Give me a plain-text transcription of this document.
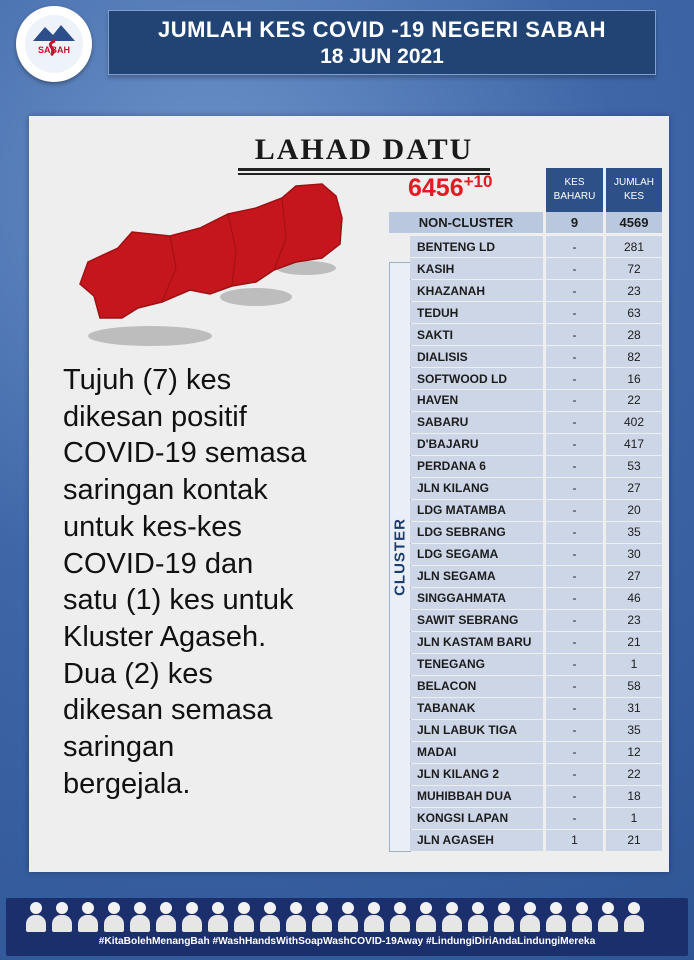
SABAH
JUMLAH KES COVID -19 NEGERI SABAH
18 JUN 2021
LAHAD DATU
$6456^{+10}$	KES BAHARU
JUMLAH KES
CLUSTER
NON-CLUSTER	9	4569
BENTENG LD	-	281
KASIH	-	72
KHAZANAH	-	23
TEDUH	-	63
SAKTI	-	28
DIALISIS	-	82
SOFTWOOD LD	-	16
HAVEN	-	22
SABARU	-	402
D'BAJARU	-	417
PERDANA 6	-	53
JLN KILANG	-	27
LDG MATAMBA	-	20
LDG SEBRANG	-	35
LDG SEGAMA	-	30
JLN SEGAMA	-	27
SINGGAHMATA	-	46
SAWIT SEBRANG	-	23
JLN KASTAM BARU	-	21
TENEGANG	-	1
BELACON	-	58
TABANAK	-	31
JLN LABUK TIGA	-	35
MADAI	-	12
JLN KILANG 2	-	22
MUHIBBAH DUA	-	18
KONGSI LAPAN	-	1
JLN AGASEH	1	21
Tujuh (7) kes
dikesan positif
COVID-19 semasa
saringan kontak
untuk kes-kes
COVID-19 dan
satu (1) kes untuk
Kluster Agaseh.
Dua (2) kes
dikesan semasa
saringan
bergejala.
#KitaBolehMenangBah #WashHandsWithSoapWashCOVID-19Away #LindungiDiriAndaLindungiMereka
